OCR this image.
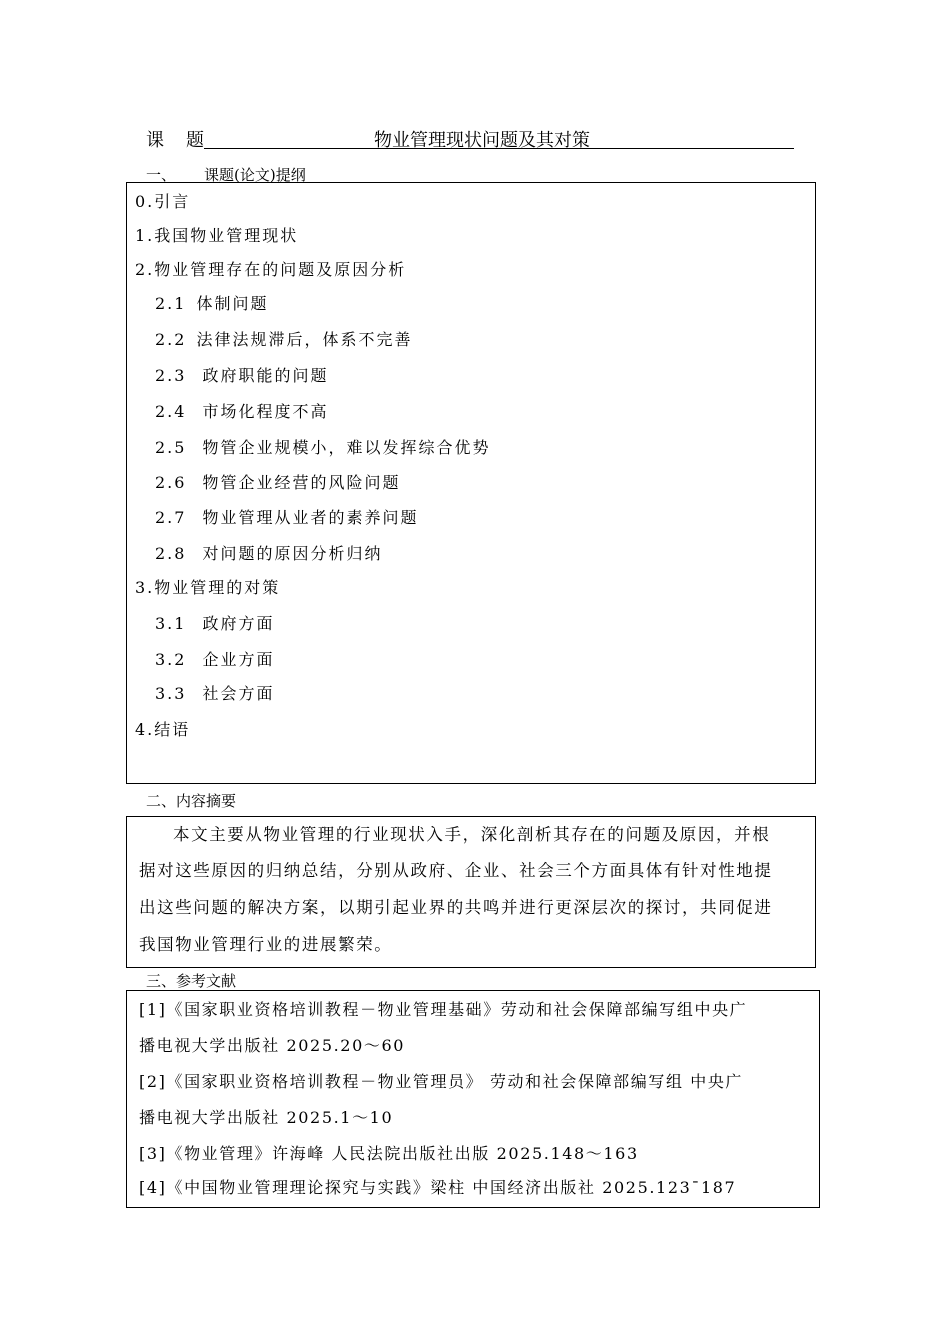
课 题	物业管理现状问题及其对策
一、 课题(论文)提纲
0.引言
1.我国物业管理现状
2.物业管理存在的问题及原因分析
2.1 体制问题
2.2 法律法规滞后，体系不完善
2.3 政府职能的问题
2.4 市场化程度不高
2.5 物管企业规模小，难以发挥综合优势
2.6 物管企业经营的风险问题
2.7 物业管理从业者的素养问题
2.8 对问题的原因分析归纳
3.物业管理的对策
3.1 政府方面
3.2 企业方面
3.3 社会方面
4.结语
二、内容摘要
本文主要从物业管理的行业现状入手，深化剖析其存在的问题及原因，并根
据对这些原因的归纳总结，分别从政府、企业、社会三个方面具体有针对性地提
出这些问题的解决方案，以期引起业界的共鸣并进行更深层次的探讨，共同促进
我国物业管理行业的进展繁荣。
三、参考文献
[1]《国家职业资格培训教程－物业管理基础》劳动和社会保障部编写组中央广
播电视大学出版社 2025.20～60
[2]《国家职业资格培训教程－物业管理员》 劳动和社会保障部编写组 中央广
播电视大学出版社 2025.1～10
[3]《物业管理》许海峰 人民法院出版社出版 2025.148～163
[4]《中国物业管理理论探究与实践》梁柱 中国经济出版社 2025.123¯187
